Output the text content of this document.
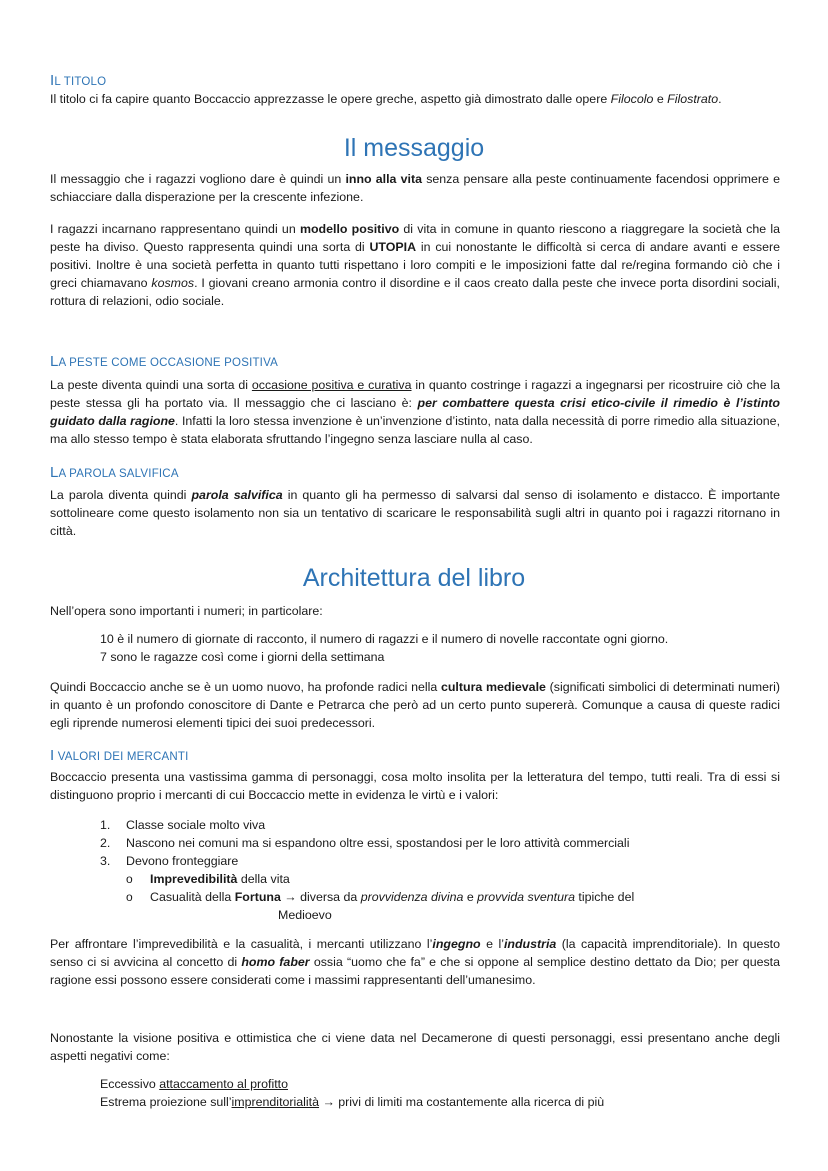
IL TITOLO
Il titolo ci fa capire quanto Boccaccio apprezzasse le opere greche, aspetto già dimostrato dalle opere Filocolo e Filostrato.
Il messaggio
Il messaggio che i ragazzi vogliono dare è quindi un inno alla vita senza pensare alla peste continuamente facendosi opprimere e schiacciare dalla disperazione per la crescente infezione.
I ragazzi incarnano rappresentano quindi un modello positivo di vita in comune in quanto riescono a riaggregare la società che la peste ha diviso. Questo rappresenta quindi una sorta di UTOPIA in cui nonostante le difficoltà si cerca di andare avanti e essere positivi. Inoltre è una società perfetta in quanto tutti rispettano i loro compiti e le imposizioni fatte dal re/regina formando ciò che i greci chiamavano kosmos. I giovani creano armonia contro il disordine e il caos creato dalla peste che invece porta disordini sociali, rottura di relazioni, odio sociale.
LA PESTE COME OCCASIONE POSITIVA
La peste diventa quindi una sorta di occasione positiva e curativa in quanto costringe i ragazzi a ingegnarsi per ricostruire ciò che la peste stessa gli ha portato via. Il messaggio che ci lasciano è: per combattere questa crisi etico-civile il rimedio è l’istinto guidato dalla ragione. Infatti la loro stessa invenzione è un’invenzione d’istinto, nata dalla necessità di porre rimedio alla situazione, ma allo stesso tempo è stata elaborata sfruttando l’ingegno senza lasciare nulla al caso.
LA PAROLA SALVIFICA
La parola diventa quindi parola salvifica in quanto gli ha permesso di salvarsi dal senso di isolamento e distacco. È importante sottolineare come questo isolamento non sia un tentativo di scaricare le responsabilità sugli altri in quanto poi i ragazzi ritornano in città.
Architettura del libro
Nell’opera sono importanti i numeri; in particolare:
10 è il numero di giornate di racconto, il numero di ragazzi e il numero di novelle raccontate ogni giorno.
7 sono le ragazze così come i giorni della settimana
Quindi Boccaccio anche se è un uomo nuovo, ha profonde radici nella cultura medievale (significati simbolici di determinati numeri) in quanto è un profondo conoscitore di Dante e Petrarca che però ad un certo punto supererà. Comunque a causa di queste radici egli riprende numerosi elementi tipici dei suoi predecessori.
I VALORI DEI MERCANTI
Boccaccio presenta una vastissima gamma di personaggi, cosa molto insolita per la letteratura del tempo, tutti reali. Tra di essi si distinguono proprio i mercanti di cui Boccaccio mette in evidenza le virtù e i valori:
1. Classe sociale molto viva
2. Nascono nei comuni ma si espandono oltre essi, spostandosi per le loro attività commerciali
3. Devono fronteggiare
o Imprevedibilità della vita
o Casualità della Fortuna → diversa da provvidenza divina e provvida sventura tipiche del
Medioevo
Per affrontare l’imprevedibilità e la casualità, i mercanti utilizzano l’ingegno e l’industria (la capacità imprenditoriale). In questo senso ci si avvicina al concetto di homo faber ossia “uomo che fa” e che si oppone al semplice destino dettato da Dio; per questa ragione essi possono essere considerati come i massimi rappresentanti dell’umanesimo.
Nonostante la visione positiva e ottimistica che ci viene data nel Decamerone di questi personaggi, essi presentano anche degli aspetti negativi come:
Eccessivo attaccamento al profitto
Estrema proiezione sull’imprenditorialità → privi di limiti ma costantemente alla ricerca di più
